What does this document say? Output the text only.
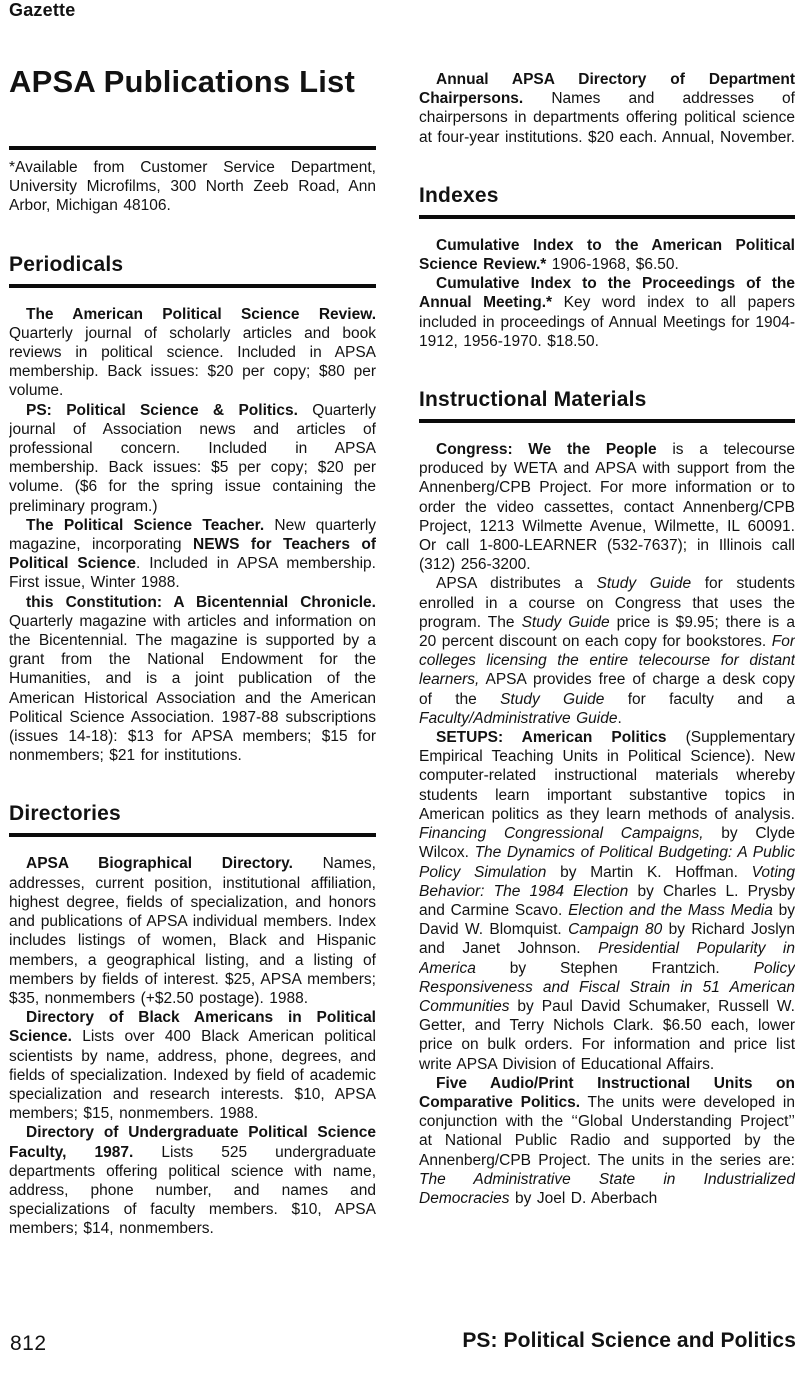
Gazette
APSA Publications List

*Available from Customer Service Department, University Microfilms, 300 North Zeeb Road, Ann Arbor, Michigan 48106.

Periodicals

The American Political Science Review. Quarterly journal of scholarly articles and book reviews in political science. Included in APSA membership. Back issues: $20 per copy; $80 per volume.

PS: Political Science & Politics. Quarterly journal of Association news and articles of professional concern. Included in APSA membership. Back issues: $5 per copy; $20 per volume. ($6 for the spring issue containing the preliminary program.)

The Political Science Teacher. New quarterly magazine, incorporating NEWS for Teachers of Political Science. Included in APSA membership. First issue, Winter 1988.

this Constitution: A Bicentennial Chronicle. Quarterly magazine with articles and information on the Bicentennial. The magazine is supported by a grant from the National Endowment for the Humanities, and is a joint publication of the American Historical Association and the American Political Science Association. 1987-88 subscriptions (issues 14-18): $13 for APSA members; $15 for nonmembers; $21 for institutions.

Directories

APSA Biographical Directory. Names, addresses, current position, institutional affiliation, highest degree, fields of specialization, and honors and publications of APSA individual members. Index includes listings of women, Black and Hispanic members, a geographical listing, and a listing of members by fields of interest. $25, APSA members; $35, nonmembers (+$2.50 postage). 1988.

Directory of Black Americans in Political Science. Lists over 400 Black American political scientists by name, address, phone, degrees, and fields of specialization. Indexed by field of academic specialization and research interests. $10, APSA members; $15, nonmembers. 1988.

Directory of Undergraduate Political Science Faculty, 1987. Lists 525 undergraduate departments offering political science with name, address, phone number, and names and specializations of faculty members. $10, APSA members; $14, nonmembers.

Annual APSA Directory of Department Chairpersons. Names and addresses of chairpersons in departments offering political science at four-year institutions. $20 each. Annual, November.

Indexes

Cumulative Index to the American Political Science Review.* 1906-1968, $6.50.

Cumulative Index to the Proceedings of the Annual Meeting.* Key word index to all papers included in proceedings of Annual Meetings for 1904-1912, 1956-1970. $18.50.

Instructional Materials

Congress: We the People is a telecourse produced by WETA and APSA with support from the Annenberg/CPB Project. For more information or to order the video cassettes, contact Annenberg/CPB Project, 1213 Wilmette Avenue, Wilmette, IL 60091. Or call 1-800-LEARNER (532-7637); in Illinois call (312) 256-3200.

APSA distributes a Study Guide for students enrolled in a course on Congress that uses the program. The Study Guide price is $9.95; there is a 20 percent discount on each copy for bookstores. For colleges licensing the entire telecourse for distant learners, APSA provides free of charge a desk copy of the Study Guide for faculty and a Faculty/Administrative Guide.

SETUPS: American Politics (Supplementary Empirical Teaching Units in Political Science). New computer-related instructional materials whereby students learn important substantive topics in American politics as they learn methods of analysis. Financing Congressional Campaigns, by Clyde Wilcox. The Dynamics of Political Budgeting: A Public Policy Simulation by Martin K. Hoffman. Voting Behavior: The 1984 Election by Charles L. Prysby and Carmine Scavo. Election and the Mass Media by David W. Blomquist. Campaign 80 by Richard Joslyn and Janet Johnson. Presidential Popularity in America by Stephen Frantzich. Policy Responsiveness and Fiscal Strain in 51 American Communities by Paul David Schumaker, Russell W. Getter, and Terry Nichols Clark. $6.50 each, lower price on bulk orders. For information and price list write APSA Division of Educational Affairs.

Five Audio/Print Instructional Units on Comparative Politics. The units were developed in conjunction with the ‘‘Global Understanding Project’’ at National Public Radio and supported by the Annenberg/CPB Project. The units in the series are: The Administrative State in Industrialized Democracies by Joel D. Aberbach

812	PS: Political Science and Politics
